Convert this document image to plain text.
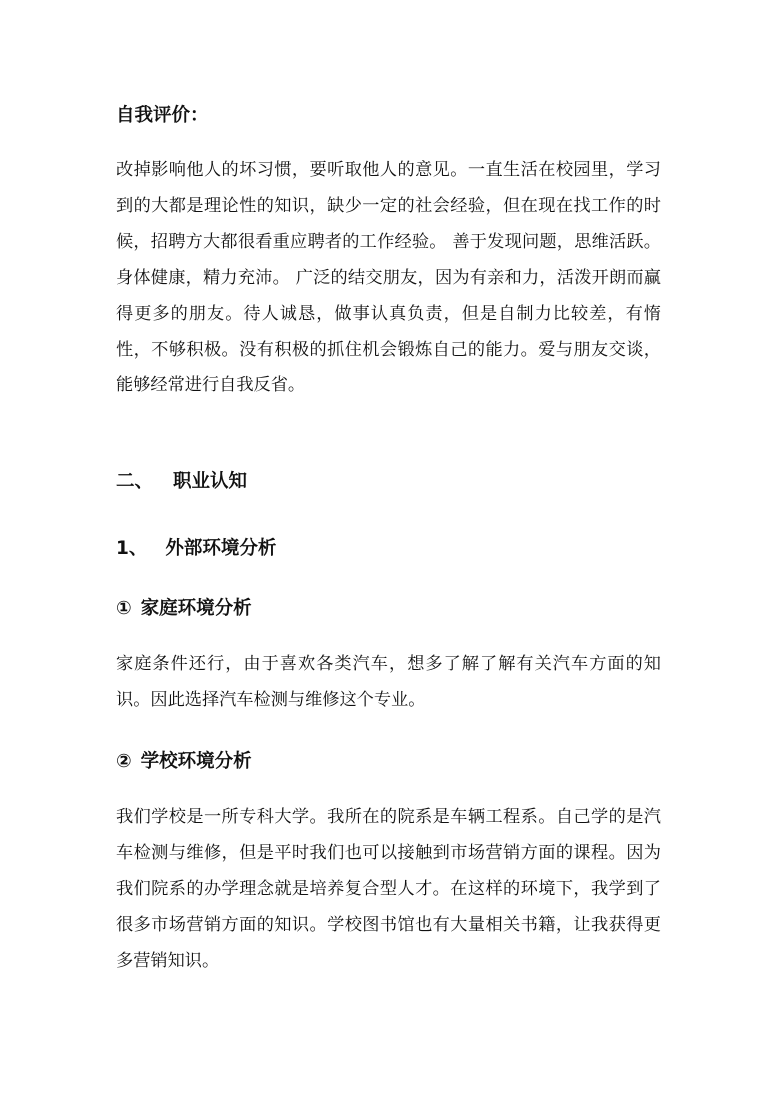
自我评价：
改掉影响他人的坏习惯，要听取他人的意见。一直生活在校园里，学习到的大都是理论性的知识，缺少一定的社会经验，但在现在找工作的时候，招聘方大都很看重应聘者的工作经验。 善于发现问题，思维活跃。身体健康，精力充沛。 广泛的结交朋友，因为有亲和力，活泼开朗而赢得更多的朋友。待人诚恳，做事认真负责，但是自制力比较差，有惰性，不够积极。没有积极的抓住机会锻炼自己的能力。爱与朋友交谈，能够经常进行自我反省。
二、 职业认知
1、 外部环境分析
① 家庭环境分析
家庭条件还行，由于喜欢各类汽车，想多了解了解有关汽车方面的知识。因此选择汽车检测与维修这个专业。
② 学校环境分析
我们学校是一所专科大学。我所在的院系是车辆工程系。自己学的是汽车检测与维修，但是平时我们也可以接触到市场营销方面的课程。因为我们院系的办学理念就是培养复合型人才。在这样的环境下，我学到了很多市场营销方面的知识。学校图书馆也有大量相关书籍，让我获得更多营销知识。
